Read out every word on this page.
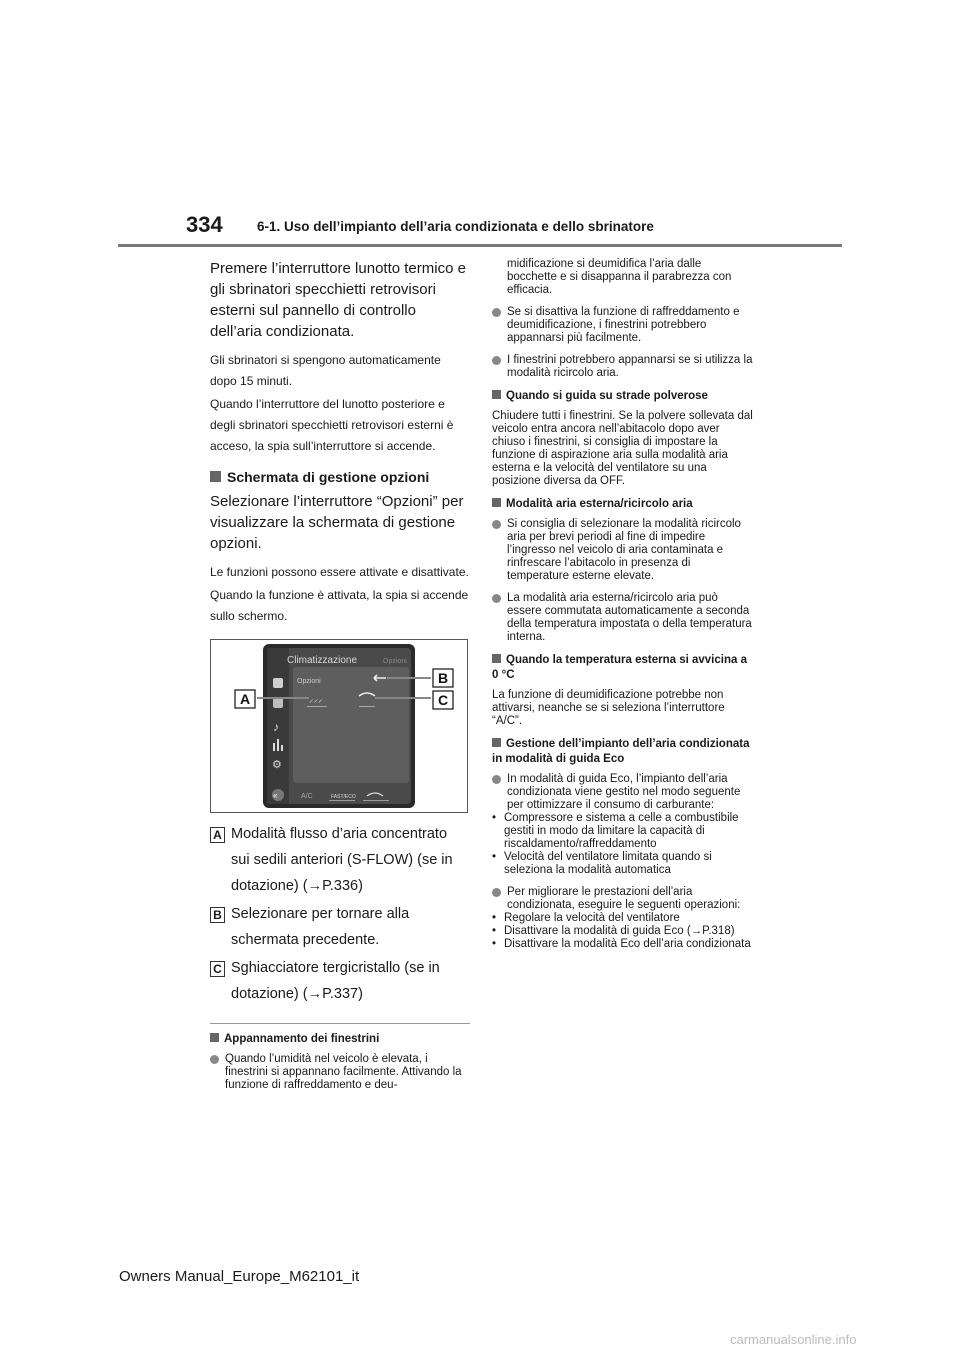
334	6-1. Uso dell’impianto dell’aria condizionata e dello sbrinatore

Premere l’interruttore lunotto termico e gli sbrinatori specchietti retrovisori esterni sul pannello di controllo dell’aria condizionata.

Gli sbrinatori si spengono automaticamente dopo 15 minuti.

Quando l’interruttore del lunotto posteriore e degli sbrinatori specchietti retrovisori esterni è acceso, la spia sull’interruttore si accende.

Schermata di gestione opzioni

Selezionare l’interruttore “Opzioni” per visualizzare la schermata di gestione opzioni.

Le funzioni possono essere attivate e disattivate.

Quando la funzione è attivata, la spia si accende sullo schermo.

Climatizzazione	Opzioni
Opzioni
♪
⚙
«
⸝⸝⸝
A/C	FAST/ECO
A
B
C
A Modalità flusso d’aria concentrato sui sedili anteriori (S-FLOW) (se in dotazione) (→P.336)
B Selezionare per tornare alla schermata precedente.
C Sghiacciatore tergicristallo (se in dotazione) (→P.337)
Appannamento dei finestrini
Quando l’umidità nel veicolo è elevata, i finestrini si appannano facilmente. Attivando la funzione di raffreddamento e deu-
midificazione si deumidifica l’aria dalle bocchette e si disappanna il parabrezza con efficacia.
Se si disattiva la funzione di raffreddamento e deumidificazione, i finestrini potrebbero appannarsi più facilmente.
I finestrini potrebbero appannarsi se si utilizza la modalità ricircolo aria.
Quando si guida su strade polverose
Chiudere tutti i finestrini. Se la polvere sollevata dal veicolo entra ancora nell’abitacolo dopo aver chiuso i finestrini, si consiglia di impostare la funzione di aspirazione aria sulla modalità aria esterna e la velocità del ventilatore su una posizione diversa da OFF.
Modalità aria esterna/ricircolo aria
Si consiglia di selezionare la modalità ricircolo aria per brevi periodi al fine di impedire l’ingresso nel veicolo di aria contaminata e rinfrescare l’abitacolo in presenza di temperature esterne elevate.
La modalità aria esterna/ricircolo aria può essere commutata automaticamente a seconda della temperatura impostata o della temperatura interna.
Quando la temperatura esterna si avvicina a 0 °C
La funzione di deumidificazione potrebbe non attivarsi, neanche se si seleziona l’interruttore “A/C”.
Gestione dell’impianto dell’aria condizionata in modalità di guida Eco
In modalità di guida Eco, l’impianto dell’aria condizionata viene gestito nel modo seguente per ottimizzare il consumo di carburante:
• Compressore e sistema a celle a combustibile gestiti in modo da limitare la capacità di riscaldamento/raffreddamento
• Velocità del ventilatore limitata quando si seleziona la modalità automatica
Per migliorare le prestazioni dell’aria condizionata, eseguire le seguenti operazioni:
• Regolare la velocità del ventilatore
• Disattivare la modalità di guida Eco (→P.318)
• Disattivare la modalità Eco dell’aria condizionata
Owners Manual_Europe_M62101_it
carmanualsonline.info
